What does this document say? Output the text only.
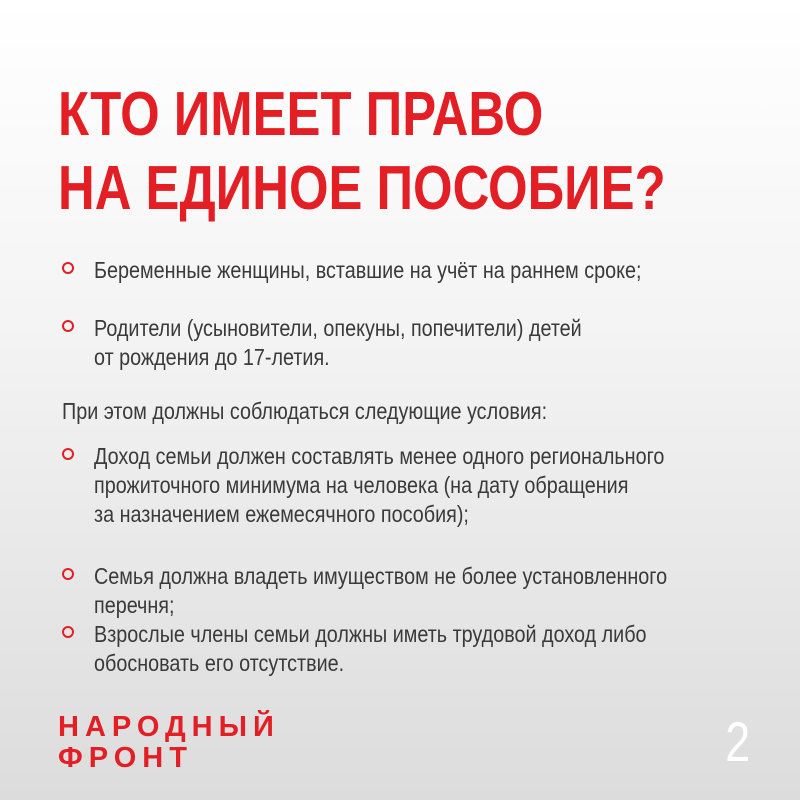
КТО ИМЕЕТ ПРАВО
НА ЕДИНОЕ ПОСОБИЕ?
Беременные женщины, вставшие на учёт на раннем сроке;
Родители (усыновители, опекуны, попечители) детей
от рождения до 17-летия.
При этом должны соблюдаться следующие условия:
Доход семьи должен составлять менее одного регионального
прожиточного минимума на человека (на дату обращения
за назначением ежемесячного пособия);
Семья должна владеть имуществом не более установленного перечня;
Взрослые члены семьи должны иметь трудовой доход либо
обосновать его отсутствие.
НАРОДНЫЙ
ФРОНТ	2
